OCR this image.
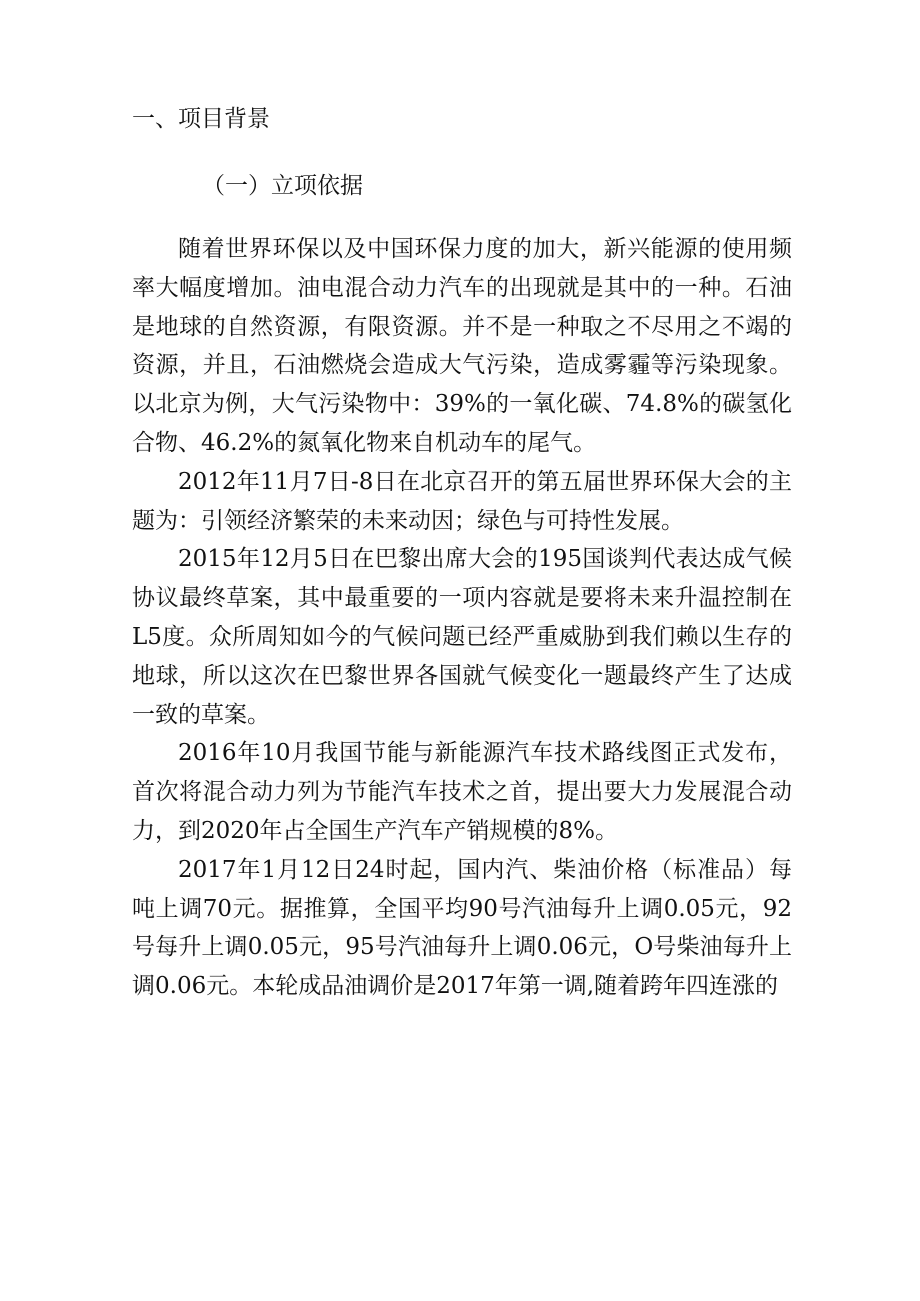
一、项目背景

（一）立项依据

随着世界环保以及中国环保力度的加大，新兴能源的使用频率大幅度增加。油电混合动力汽车的出现就是其中的一种。石油是地球的自然资源，有限资源。并不是一种取之不尽用之不竭的资源，并且，石油燃烧会造成大气污染，造成雾霾等污染现象。以北京为例，大气污染物中：39%的一氧化碳、74.8%的碳氢化合物、46.2%的氮氧化物来自机动车的尾气。

2012年11月7日-8日在北京召开的第五届世界环保大会的主题为：引领经济繁荣的未来动因；绿色与可持性发展。

2015年12月5日在巴黎出席大会的195国谈判代表达成气候协议最终草案，其中最重要的一项内容就是要将未来升温控制在L5度。众所周知如今的气候问题已经严重威胁到我们赖以生存的地球，所以这次在巴黎世界各国就气候变化一题最终产生了达成一致的草案。

2016年10月我国节能与新能源汽车技术路线图正式发布，首次将混合动力列为节能汽车技术之首，提出要大力发展混合动力，到2020年占全国生产汽车产销规模的8%。

2017年1月12日24时起，国内汽、柴油价格（标准品）每吨上调70元。据推算，全国平均90号汽油每升上调0.05元，92号每升上调0.05元，95号汽油每升上调0.06元，O号柴油每升上调0.06元。本轮成品油调价是2017年第一调,随着跨年四连涨的
